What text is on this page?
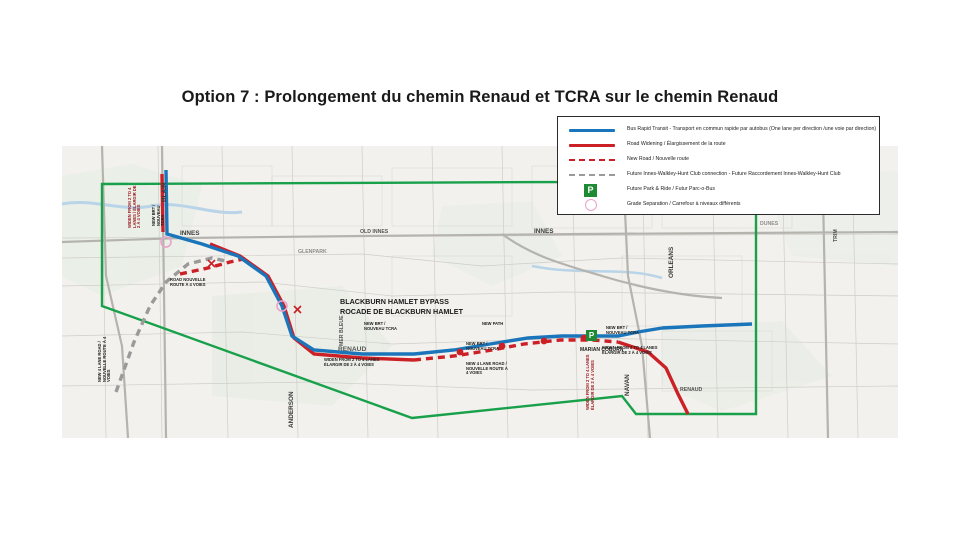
Option 7 : Prolongement du chemin Renaud et TCRA sur le chemin Renaud
P
BLAIR
INNES	INNES
ORLEANS
ANDERSON
NAVAN
MER BLEUE
RENAUD
TRIM
MARIAN COBURN
OLD INNES
GLENPARK
DUNES
BLACKBURN HAMLET BYPASS
ROCADE DE BLACKBURN HAMLET
WIDEN FROM 2 TO 4
LANES / ÉLARGIR DE
2 À 4 VOIES
NEW BRT /
NOUVEAU
TCRA
ROAD NOUVELLE
ROUTE À 4 VOIES
NEW 4 LANE ROAD /
NOUVELLE ROUTE À 4
VOIES
RENAUD
WIDEN FROM 2 TO 4 LANES
ÉLARGIR DE 2 À 4 VOIES
NEW BRT /
NOUVEAU TCRA
NEW PATH
NEW BRT /
NOUVEAU TCRA
NEW 4 LANE ROAD /
NOUVELLE ROUTE À
4 VOIES
NEW BRT /
NOUVEAU TCRA
WIDEN FROM 2 TO 4 LANES
ÉLARGIR DE 2 À 4 VOIES
WIDEN FROM 2 TO 4 LANES
ÉLARGIR DE 2 À 4 VOIES
Bus Rapid Transit - Transport en commun rapide par autobus (One lane per direction /une voie par direction)
Road Widening / Élargissement de la route
New Road / Nouvelle route
Future Innes-Walkley-Hunt Club connection - Future Raccordement Innes-Walkley-Hunt Club
P	Future Park & Ride / Futur Parc-o-Bus
Grade Separation / Carrefour à niveaux différents
